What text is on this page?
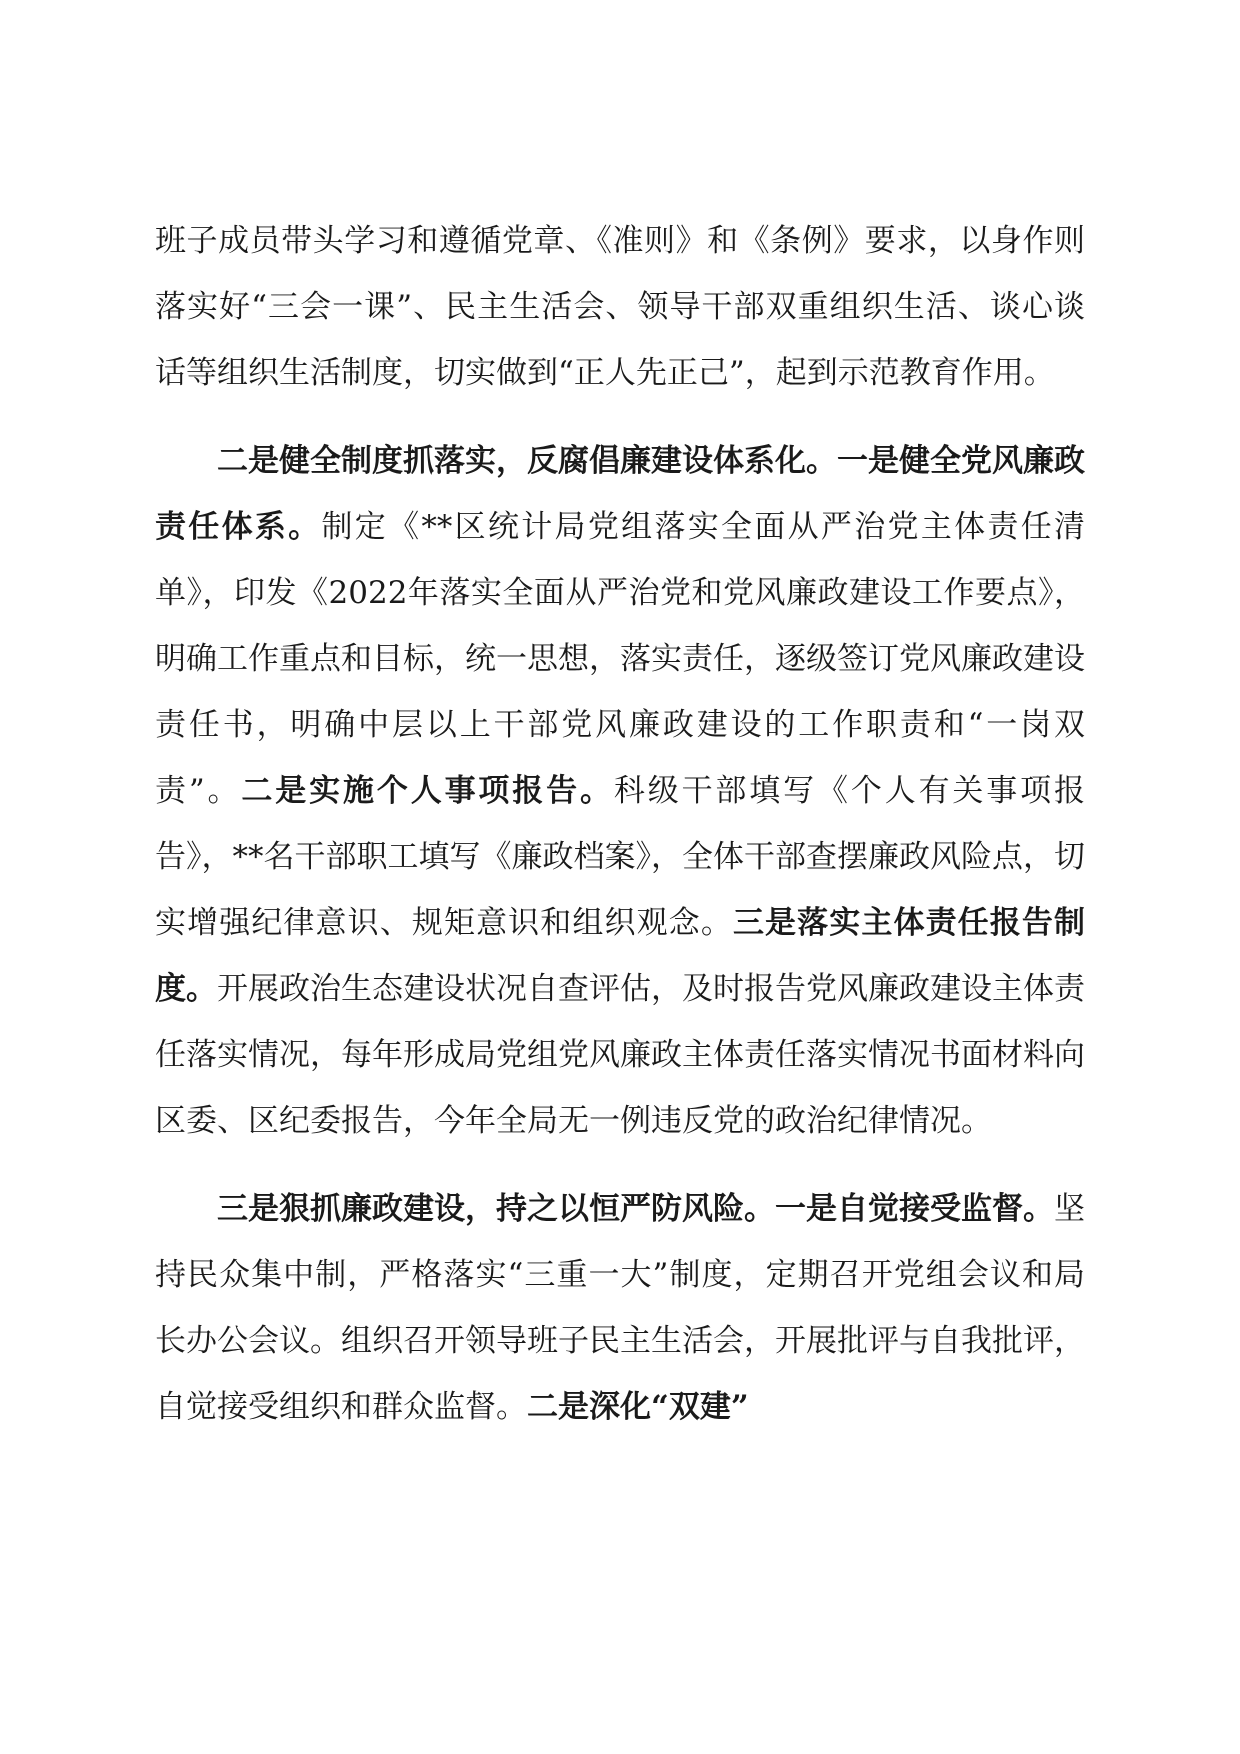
班子成员带头学习和遵循党章、《准则》和《条例》要求，以身作则落实好“三会一课”、民主生活会、领导干部双重组织生活、谈心谈话等组织生活制度，切实做到“正人先正己”，起到示范教育作用。

二是健全制度抓落实，反腐倡廉建设体系化。一是健全党风廉政责任体系。制定《**区统计局党组落实全面从严治党主体责任清单》，印发《2022年落实全面从严治党和党风廉政建设工作要点》，明确工作重点和目标，统一思想，落实责任，逐级签订党风廉政建设责任书，明确中层以上干部党风廉政建设的工作职责和“一岗双责”。二是实施个人事项报告。科级干部填写《个人有关事项报告》，**名干部职工填写《廉政档案》，全体干部查摆廉政风险点，切实增强纪律意识、规矩意识和组织观念。三是落实主体责任报告制度。开展政治生态建设状况自查评估，及时报告党风廉政建设主体责任落实情况，每年形成局党组党风廉政主体责任落实情况书面材料向区委、区纪委报告，今年全局无一例违反党的政治纪律情况。

三是狠抓廉政建设，持之以恒严防风险。一是自觉接受监督。坚持民众集中制，严格落实“三重一大”制度，定期召开党组会议和局长办公会议。组织召开领导班子民主生活会，开展批评与自我批评，自觉接受组织和群众监督。二是深化“双建”
